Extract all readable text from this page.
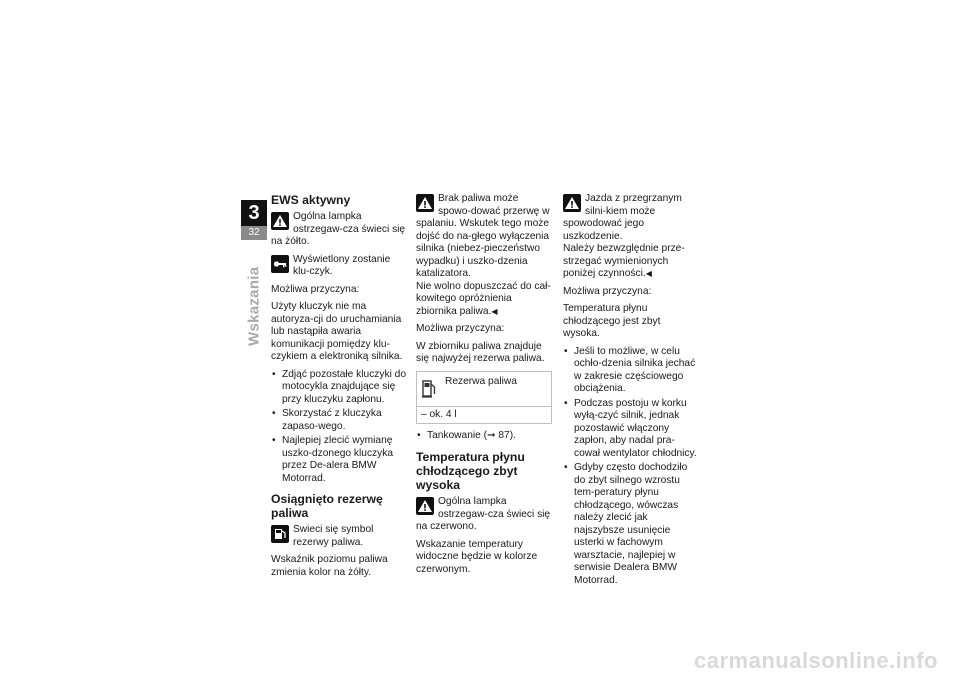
3
32
Wskazania
EWS aktywny
Ogólna lampka ostrzegaw-cza świeci się na żółto.
Wyświetlony zostanie klu-czyk.

Możliwa przyczyna:

Użyty kluczyk nie ma autoryza-cji do uruchamiania lub nastąpiła awaria komunikacji pomiędzy klu-czykiem a elektroniką silnika.

• Zdjąć pozostałe kluczyki do motocykla znajdujące się przy kluczyku zapłonu.
• Skorzystać z kluczyka zapaso-wego.
• Najlepiej zlecić wymianę uszko-dzonego kluczyka przez De-alera BMW Motorrad.
Osiągnięto rezerwę paliwa
Świeci się symbol rezerwy paliwa.

Wskaźnik poziomu paliwa zmienia kolor na żółty.

Brak paliwa może spowo-dować przerwę w spalaniu. Wskutek tego może dojść do na-głego wyłączenia silnika (niebez-pieczeństwo wypadku) i uszko-dzenia katalizatora.

Nie wolno dopuszczać do cał-kowitego opróżnienia zbiornika paliwa. ◀

Możliwa przyczyna:

W zbiorniku paliwa znajduje się najwyżej rezerwa paliwa.

Rezerwa paliwa
– ok. 4 l
• Tankowanie (➞ 87).
Temperatura płynu chłodzącego zbyt wysoka
Ogólna lampka ostrzegaw-cza świeci się na czerwono.

Wskazanie temperatury widoczne będzie w kolorze czerwonym.

Jazda z przegrzanym silni-kiem może spowodować jego uszkodzenie.

Należy bezwzględnie prze-strzegać wymienionych poniżej czynności. ◀

Możliwa przyczyna:

Temperatura płynu chłodzącego jest zbyt wysoka.

• Jeśli to możliwe, w celu ochło-dzenia silnika jechać w zakresie częściowego obciążenia.
• Podczas postoju w korku wyłą-czyć silnik, jednak pozostawić włączony zapłon, aby nadal pra-cował wentylator chłodnicy.
• Gdyby często dochodziło do zbyt silnego wzrostu tem-peratury płynu chłodzącego, wówczas należy zlecić jak najszybsze usunięcie usterki w fachowym warsztacie, najlepiej w serwisie Dealera BMW Motorrad.
carmanualsonline.info
